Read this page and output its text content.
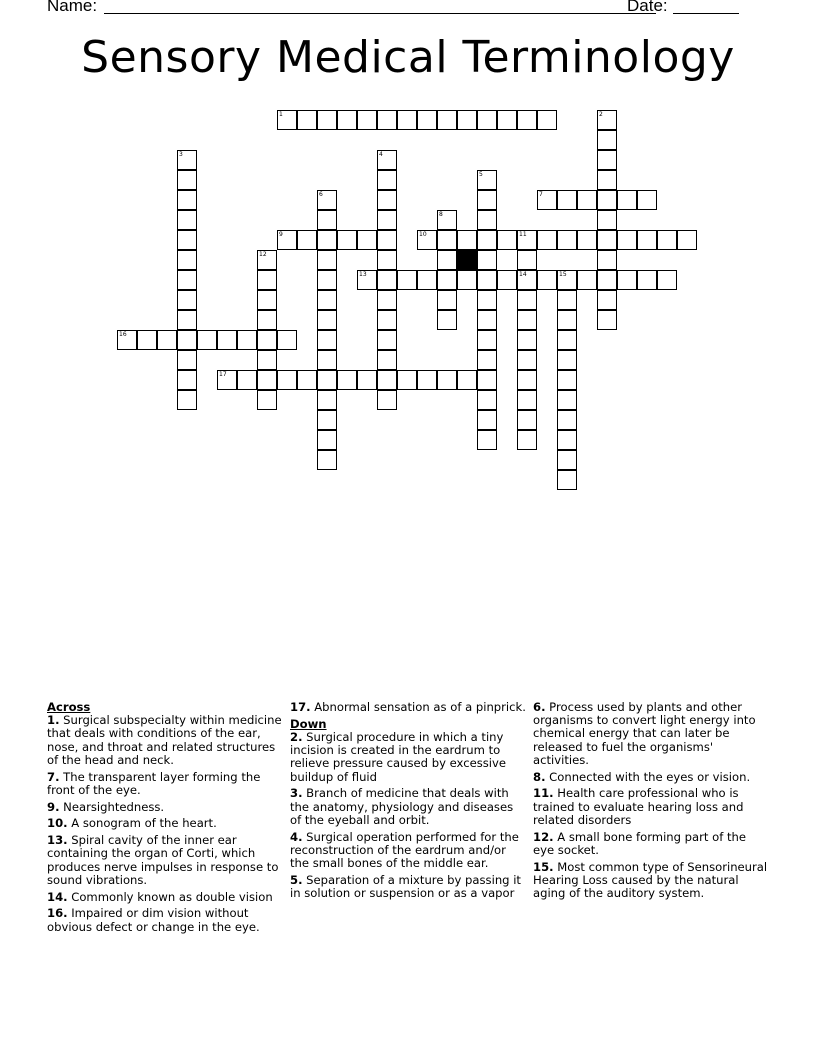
Name:	Date:
Sensory Medical Terminology
1	2
3	4
5
6	7
8
9	10	11
14
12
13	15
16
17
Across
1. Surgical subspecialty within medicine that deals with conditions of the ear, nose, and throat and related structures of the head and neck.
7. The transparent layer forming the front of the eye.
9. Nearsightedness.
10. A sonogram of the heart.
13. Spiral cavity of the inner ear containing the organ of Corti, which produces nerve impulses in response to sound vibrations.
14. Commonly known as double vision
16. Impaired or dim vision without obvious defect or change in the eye.
17. Abnormal sensation as of a pinprick.
Down
2. Surgical procedure in which a tiny incision is created in the eardrum to relieve pressure caused by excessive buildup of fluid
3. Branch of medicine that deals with the anatomy, physiology and diseases of the eyeball and orbit.
4. Surgical operation performed for the reconstruction of the eardrum and/or the small bones of the middle ear.
5. Separation of a mixture by passing it in solution or suspension or as a vapor
6. Process used by plants and other organisms to convert light energy into chemical energy that can later be released to fuel the organisms' activities.
8. Connected with the eyes or vision.
11. Health care professional who is trained to evaluate hearing loss and related disorders
12. A small bone forming part of the eye socket.
15. Most common type of Sensorineural Hearing Loss caused by the natural aging of the auditory system.
